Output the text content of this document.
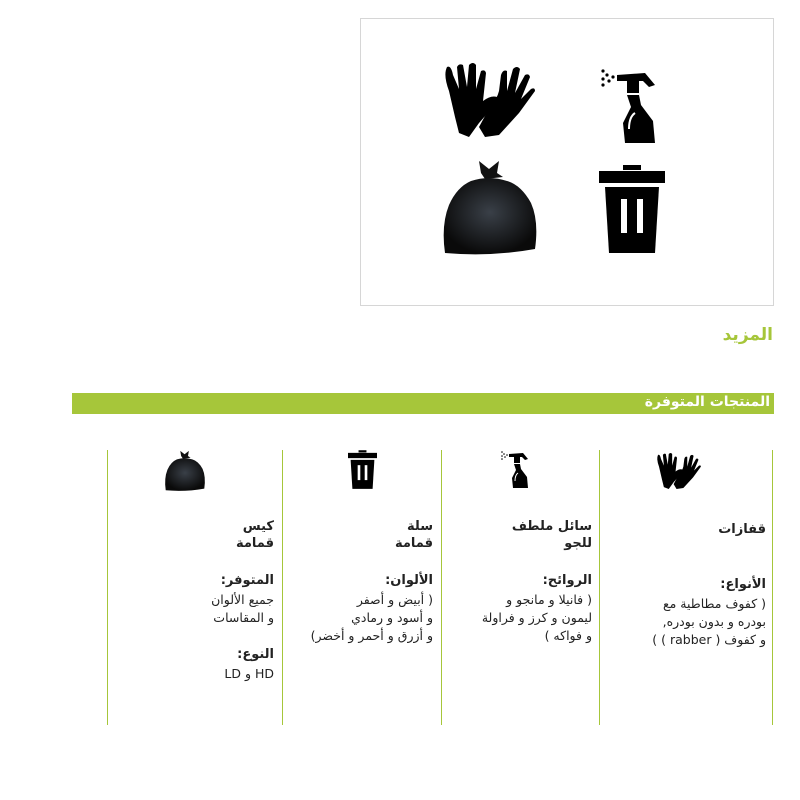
المزيد
المنتجات المتوفرة
قفازات
الأنواع:
( كفوف مطاطية مع
بودره و بدون بودره,
و كفوف ( rabber ) )
سائل ملطف
للجو
الروائح:
( فانيلا و مانجو و
ليمون و كرز و فراولة
و فواكه )
سلة
قمامة
الألوان:
( أبيض و أصفر
و أسود و رمادي
و أزرق و أحمر و أخضر)
كيس
قمامة
المتوفر:
جميع الألوان
و المقاسات
النوع:
HD و LD
